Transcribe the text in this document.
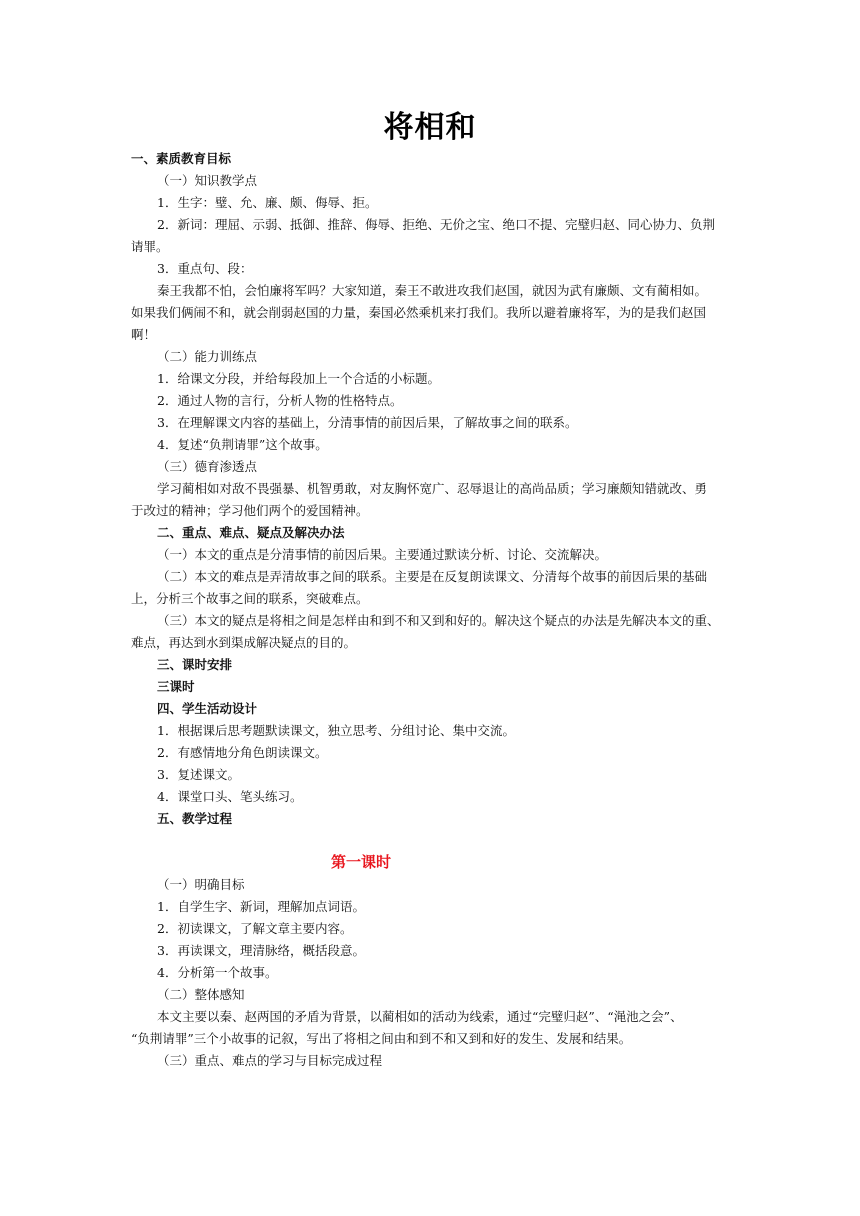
将相和
一、素质教育目标
（一）知识教学点
1．生字：璧、允、廉、颇、侮辱、拒。
2．新词：理屈、示弱、抵御、推辞、侮辱、拒绝、无价之宝、绝口不提、完璧归赵、同心协力、负荆
请罪。
3．重点句、段：
秦王我都不怕，会怕廉将军吗？大家知道，秦王不敢进攻我们赵国，就因为武有廉颇、文有蔺相如。
如果我们俩闹不和，就会削弱赵国的力量，秦国必然乘机来打我们。我所以避着廉将军，为的是我们赵国
啊！
（二）能力训练点
1．给课文分段，并给每段加上一个合适的小标题。
2．通过人物的言行，分析人物的性格特点。
3．在理解课文内容的基础上，分清事情的前因后果，了解故事之间的联系。
4．复述“负荆请罪”这个故事。
（三）德育渗透点
学习蔺相如对敌不畏强暴、机智勇敢，对友胸怀宽广、忍辱退让的高尚品质；学习廉颇知错就改、勇
于改过的精神；学习他们两个的爱国精神。
二、重点、难点、疑点及解决办法
（一）本文的重点是分清事情的前因后果。主要通过默读分析、讨论、交流解决。
（二）本文的难点是弄清故事之间的联系。主要是在反复朗读课文、分清每个故事的前因后果的基础
上，分析三个故事之间的联系，突破难点。
（三）本文的疑点是将相之间是怎样由和到不和又到和好的。解决这个疑点的办法是先解决本文的重、
难点，再达到水到渠成解决疑点的目的。
三、课时安排
三课时
四、学生活动设计
1．根据课后思考题默读课文，独立思考、分组讨论、集中交流。
2．有感情地分角色朗读课文。
3．复述课文。
4．课堂口头、笔头练习。
五、教学过程
第一课时
（一）明确目标
1．自学生字、新词，理解加点词语。
2．初读课文，了解文章主要内容。
3．再读课文，理清脉络，概括段意。
4．分析第一个故事。
（二）整体感知
本文主要以秦、赵两国的矛盾为背景，以蔺相如的活动为线索，通过“完璧归赵”、“渑池之会”、
“负荆请罪”三个小故事的记叙，写出了将相之间由和到不和又到和好的发生、发展和结果。
（三）重点、难点的学习与目标完成过程
